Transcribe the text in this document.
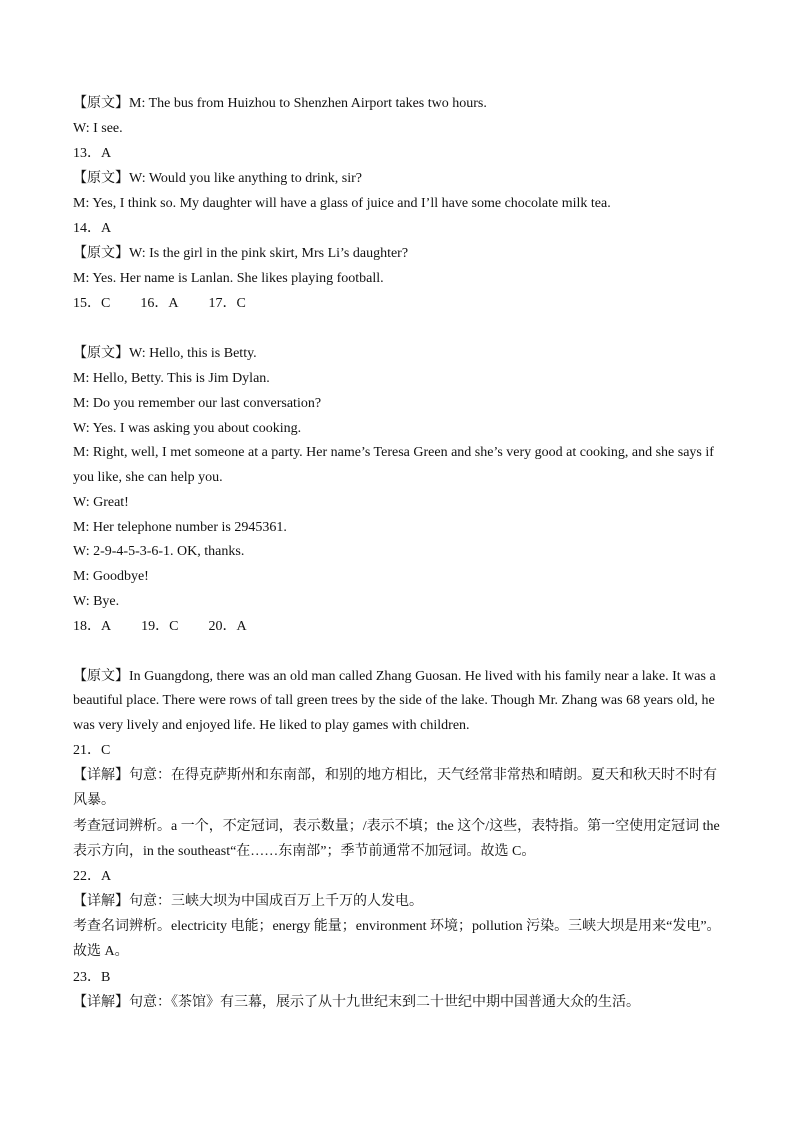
【原文】M: The bus from Huizhou to Shenzhen Airport takes two hours.
W: I see.
13．A
【原文】W: Would you like anything to drink, sir?
M: Yes, I think so. My daughter will have a glass of juice and I’ll have some chocolate milk tea.
14．A
【原文】W: Is the girl in the pink skirt, Mrs Li’s daughter?
M: Yes. Her name is Lanlan. She likes playing football.
15．C 16．A 17．C
【原文】W: Hello, this is Betty.
M: Hello, Betty. This is Jim Dylan.
M: Do you remember our last conversation?
W: Yes. I was asking you about cooking.
M: Right, well, I met someone at a party. Her name’s Teresa Green and she’s very good at cooking, and she says if
you like, she can help you.
W: Great!
M: Her telephone number is 2945361.
W: 2-9-4-5-3-6-1. OK, thanks.
M: Goodbye!
W: Bye.
18．A 19．C 20．A
【原文】In Guangdong, there was an old man called Zhang Guosan. He lived with his family near a lake. It was a
beautiful place. There were rows of tall green trees by the side of the lake. Though Mr. Zhang was 68 years old, he
was very lively and enjoyed life. He liked to play games with children.
21．C
【详解】句意：在得克萨斯州和东南部，和别的地方相比，天气经常非常热和晴朗。夏天和秋天时不时有
风暴。
考查冠词辨析。a 一个，不定冠词，表示数量；/表示不填；the 这个/这些，表特指。第一空使用定冠词 the
表示方向，in the southeast“在……东南部”；季节前通常不加冠词。故选 C。
22．A
【详解】句意：三峡大坝为中国成百万上千万的人发电。
考查名词辨析。electricity 电能；energy 能量；environment 环境；pollution 污染。三峡大坝是用来“发电”。
故选 A。
23．B
【详解】句意：《茶馆》有三幕，展示了从十九世纪末到二十世纪中期中国普通大众的生活。
